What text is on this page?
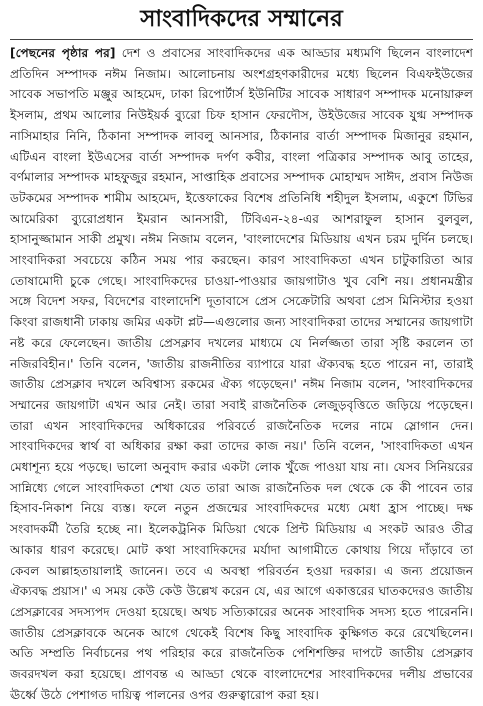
সাংবাদিকদের সম্মানের

[পেছনের পৃষ্ঠার পর] দেশ ও প্রবাসের সাংবাদিকদের এক আড্ডার মধ্যমণি ছিলেন বাংলাদেশ প্রতিদিন সম্পাদক নঈম নিজাম। আলোচনায় অংশগ্রহণকারীদের মধ্যে ছিলেন বিএফইউজের সাবেক সভাপতি মঞ্জুর আহমেদ, ঢাকা রিপোর্টার্স ইউনিটির সাবেক সাধারণ সম্পাদক মনোয়ারুল ইসলাম, প্রথম আলোর নিউইয়র্ক ব্যুরো চিফ হাসান ফেরদৌস, উইউজের সাবেক যুগ্ম সম্পাদক নাসিমাহার নিনি, ঠিকানা সম্পাদক লাবলু আনসার, ঠিকানার বার্তা সম্পাদক মিজানুর রহমান, এটিএন বাংলা ইউএসের বার্তা সম্পাদক দর্পণ কবীর, বাংলা পত্রিকার সম্পাদক আবু তাহের, বর্ণমালার সম্পাদক মাহফুজুর রহমান, সাপ্তাহিক প্রবাসের সম্পাদক মোহাম্মদ সাঈদ, প্রবাস নিউজ ডটকমের সম্পাদক শামীম আহমেদ, ইত্তেফাকের বিশেষ প্রতিনিধি শহীদুল ইসলাম, একুশে টিভির আমেরিকা ব্যুরোপ্রধান ইমরান আনসারী, টিবিএন-২৪-এর আশরাফুল হাসান বুলবুল, হাসানুজ্জামান সাকী প্রমুখ। নঈম নিজাম বলেন, 'বাংলাদেশের মিডিয়ায় এখন চরম দুর্দিন চলছে। সাংবাদিকরা সবচেয়ে কঠিন সময় পার করছেন। কারণ সাংবাদিকতা এখন চাটুকারিতা আর তোষামোদী চুকে গেছে। সাংবাদিকদের চাওয়া-পাওয়ার জায়গাটাও খুব বেশি নয়। প্রধানমন্ত্রীর সঙ্গে বিদেশ সফর, বিদেশের বাংলাদেশি দূতাবাসে প্রেস সেক্রেটারি অথবা প্রেস মিনিস্টার হওয়া কিংবা রাজধানী ঢাকায় জমির একটা প্লট—এগুলোর জন্য সাংবাদিকরা তাদের সম্মানের জায়গাটা নষ্ট করে ফেলেছেন। জাতীয় প্রেসক্লাব দখলের মাধ্যমে যে নির্লজ্জতা তারা সৃষ্টি করলেন তা নজিরবিহীন।' তিনি বলেন, 'জাতীয় রাজনীতির ব্যাপারে যারা ঐক্যবদ্ধ হতে পারেন না, তারাই জাতীয় প্রেসক্লাব দখলে অবিশ্বাস্য রকমের ঐক্য গড়েছেন।' নঈম নিজাম বলেন, 'সাংবাদিকদের সম্মানের জায়গাটা এখন আর নেই। তারা সবাই রাজনৈতিক লেজুড়বৃত্তিতে জড়িয়ে পড়েছেন। তারা এখন সাংবাদিকদের অধিকারের পরিবর্তে রাজনৈতিক দলের নামে স্লোগান দেন। সাংবাদিকদের স্বার্থ বা অধিকার রক্ষা করা তাদের কাজ নয়।' তিনি বলেন, 'সাংবাদিকতা এখন মেধাশূন্য হয়ে পড়ছে। ভালো অনুবাদ করার একটা লোক খুঁজে পাওয়া যায় না। যেসব সিনিয়রের সান্নিধ্যে গেলে সাংবাদিকতা শেখা যেত তারা আজ রাজনৈতিক দল থেকে কে কী পাবেন তার হিসাব-নিকাশ নিয়ে ব্যস্ত। ফলে নতুন প্রজন্মের সাংবাদিকদের মধ্যে মেধা হ্রাস পাচ্ছে। দক্ষ সংবাদকর্মী তৈরি হচ্ছে না। ইলেকট্রনিক মিডিয়া থেকে প্রিন্ট মিডিয়ায় এ সংকট আরও তীব্র আকার ধারণ করেছে। মোট কথা সাংবাদিকদের মর্যাদা আগামীতে কোথায় গিয়ে দাঁড়াবে তা কেবল আল্লাহতায়ালাই জানেন। তবে এ অবস্থা পরিবর্তন হওয়া দরকার। এ জন্য প্রয়োজন ঐক্যবদ্ধ প্রয়াস।' এ সময় কেউ কেউ উল্লেখ করেন যে, এর আগে একাত্তরের ঘাতকদেরও জাতীয় প্রেসক্লাবের সদস্যপদ দেওয়া হয়েছে। অথচ সত্যিকারের অনেক সাংবাদিক সদস্য হতে পারেননি। জাতীয় প্রেসক্লাবকে অনেক আগে থেকেই বিশেষ কিছু সাংবাদিক কুক্ষিগত করে রেখেছিলেন। অতি সম্প্রতি নির্বাচনের পথ পরিহার করে রাজনৈতিক পেশিশক্তির দাপটে জাতীয় প্রেসক্লাব জবরদখল করা হয়েছে। প্রাণবন্ত এ আড্ডা থেকে বাংলাদেশের সাংবাদিকদের দলীয় প্রভাবের ঊর্ধ্বে উঠে পেশাগত দায়িত্ব পালনের ওপর গুরুত্বারোপ করা হয়।
